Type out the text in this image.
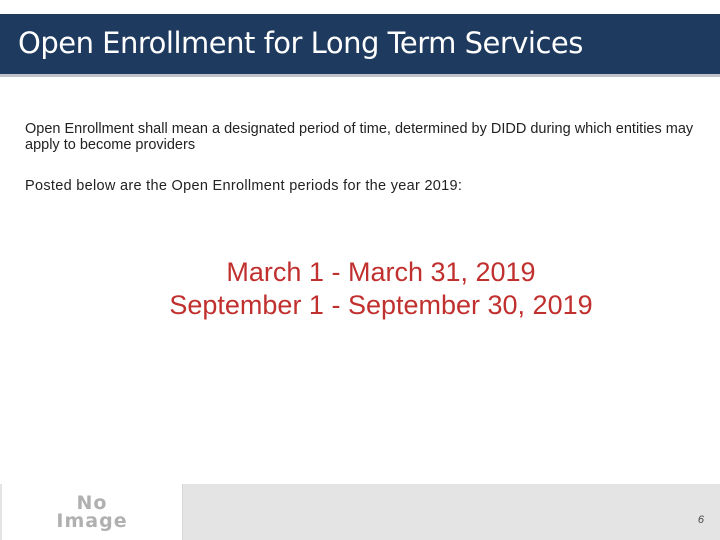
Open Enrollment for Long Term Services
Open Enrollment shall mean a designated period of time, determined by DIDD during which entities may apply to become providers
Posted below are the Open Enrollment periods for the year 2019:
March 1 - March 31, 2019
September 1 - September 30, 2019
No
Image	6
